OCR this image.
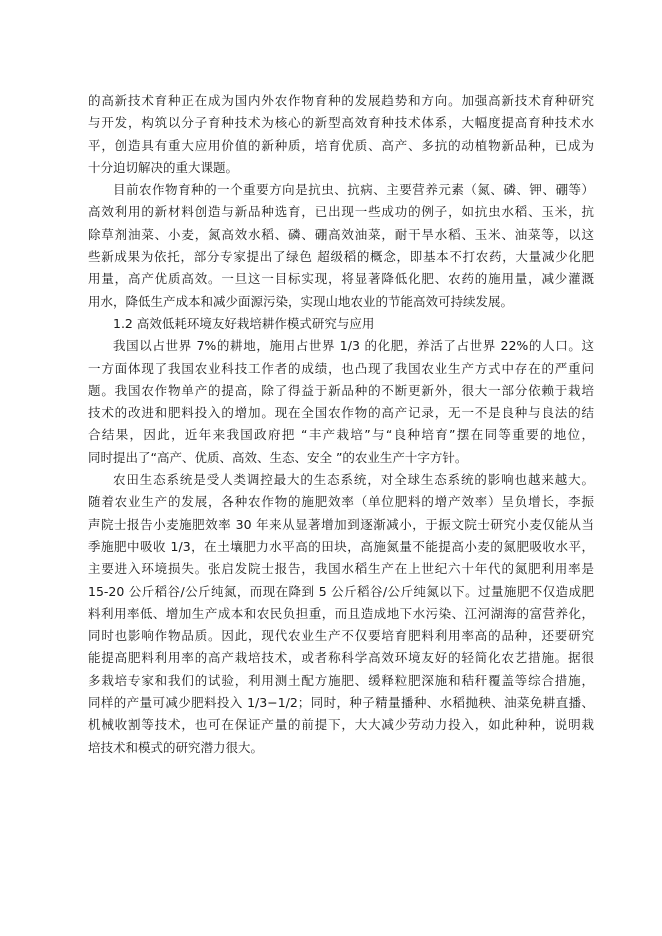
的高新技术育种正在成为国内外农作物育种的发展趋势和方向。加强高新技术育种研究
与开发，构筑以分子育种技术为核心的新型高效育种技术体系，大幅度提高育种技术水
平，创造具有重大应用价值的新种质，培育优质、高产、多抗的动植物新品种，已成为
十分迫切解决的重大课题。
目前农作物育种的一个重要方向是抗虫、抗病、主要营养元素（氮、磷、钾、硼等）
高效利用的新材料创造与新品种选育，已出现一些成功的例子，如抗虫水稻、玉米，抗
除草剂油菜、小麦，氮高效水稻、磷、硼高效油菜，耐干旱水稻、玉米、油菜等，以这
些新成果为依托，部分专家提出了绿色 超级稻的概念，即基本不打农药，大量减少化肥
用量，高产优质高效。一旦这一目标实现，将显著降低化肥、农药的施用量，减少灌溉
用水，降低生产成本和减少面源污染，实现山地农业的节能高效可持续发展。
1.2 高效低耗环境友好栽培耕作模式研究与应用
我国以占世界 7%的耕地，施用占世界 1/3 的化肥，养活了占世界 22%的人口。这
一方面体现了我国农业科技工作者的成绩，也凸现了我国农业生产方式中存在的严重问
题。我国农作物单产的提高，除了得益于新品种的不断更新外，很大一部分依赖于栽培
技术的改进和肥料投入的增加。现在全国农作物的高产记录，无一不是良种与良法的结
合结果，因此，近年来我国政府把 “丰产栽培”与“良种培育”摆在同等重要的地位，
同时提出了“高产、优质、高效、生态、安全 ”的农业生产十字方针。
农田生态系统是受人类调控最大的生态系统，对全球生态系统的影响也越来越大。
随着农业生产的发展，各种农作物的施肥效率（单位肥料的增产效率）呈负增长，李振
声院士报告小麦施肥效率 30 年来从显著增加到逐渐减小，于振文院士研究小麦仅能从当
季施肥中吸收 1/3，在土壤肥力水平高的田块，高施氮量不能提高小麦的氮肥吸收水平，
主要进入环境损失。张启发院士报告，我国水稻生产在上世纪六十年代的氮肥利用率是
15-20 公斤稻谷/公斤纯氮，而现在降到 5 公斤稻谷/公斤纯氮以下。过量施肥不仅造成肥
料利用率低、增加生产成本和农民负担重，而且造成地下水污染、江河湖海的富营养化，
同时也影响作物品质。因此，现代农业生产不仅要培育肥料利用率高的品种，还要研究
能提高肥料利用率的高产栽培技术，或者称科学高效环境友好的轻简化农艺措施。据很
多栽培专家和我们的试验，利用测土配方施肥、缓释粒肥深施和秸秆覆盖等综合措施，
同样的产量可减少肥料投入 1/3−1/2；同时，种子精量播种、水稻抛秧、油菜免耕直播、
机械收割等技术，也可在保证产量的前提下，大大减少劳动力投入，如此种种，说明栽
培技术和模式的研究潜力很大。
